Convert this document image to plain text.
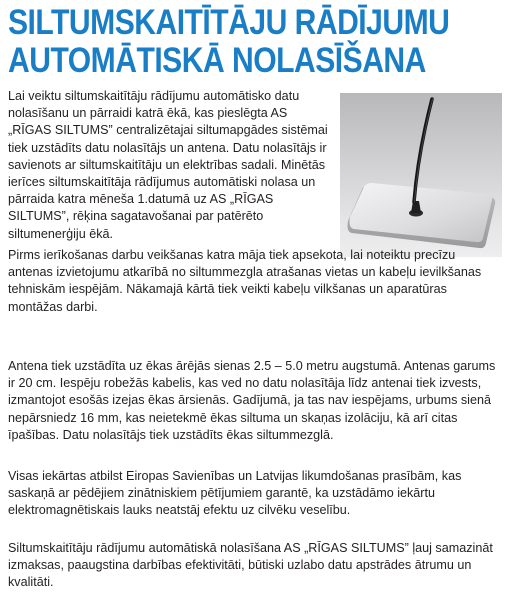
SILTUMSKAITĪTĀJU RĀDĪJUMU
AUTOMĀTISKĀ NOLASĪŠANA

Lai veiktu siltumskaitītāju rādījumu automātisko datu nolasīšanu un pārraidi katrā ēkā, kas pieslēgta AS „RĪGAS SILTUMS” centralizētajai siltumapgādes sistēmai tiek uzstādīts datu nolasītājs un antena. Datu nolasītājs ir savienots ar siltumskaitītāju un elektrības sadali. Minētās ierīces siltumskaitītāja rādījumus automātiski nolasa un pārraida katra mēneša 1.datumā uz AS „RĪGAS SILTUMS”, rēķina sagatavošanai par patērēto siltumenerģiju ēkā.

Pirms ierīkošanas darbu veikšanas katra māja tiek apsekota, lai noteiktu precīzu antenas izvietojumu atkarībā no siltummezgla atrašanas vietas un kabeļu ievilkšanas tehniskām iespējām. Nākamajā kārtā tiek veikti kabeļu vilkšanas un aparatūras montāžas darbi.

Antena tiek uzstādīta uz ēkas ārējās sienas 2.5 – 5.0 metru augstumā. Antenas garums ir 20 cm. Iespēju robežās kabelis, kas ved no datu nolasītāja līdz antenai tiek izvests, izmantojot esošās izejas ēkas ārsienās. Gadījumā, ja tas nav iespējams, urbums sienā nepārsniedz 16 mm, kas neietekmē ēkas siltuma un skaņas izolāciju, kā arī citas īpašības. Datu nolasītājs tiek uzstādīts ēkas siltummezglā.

Visas iekārtas atbilst Eiropas Savienības un Latvijas likumdošanas prasībām, kas saskaņā ar pēdējiem zinātniskiem pētījumiem garantē, ka uzstādāmo iekārtu elektromagnētiskais lauks neatstāj efektu uz cilvēku veselību.

Siltumskaitītāju rādījumu automātiskā nolasīšana AS „RĪGAS SILTUMS” ļauj samazināt izmaksas, paaugstina darbības efektivitāti, būtiski uzlabo datu apstrādes ātrumu un kvalitāti.
